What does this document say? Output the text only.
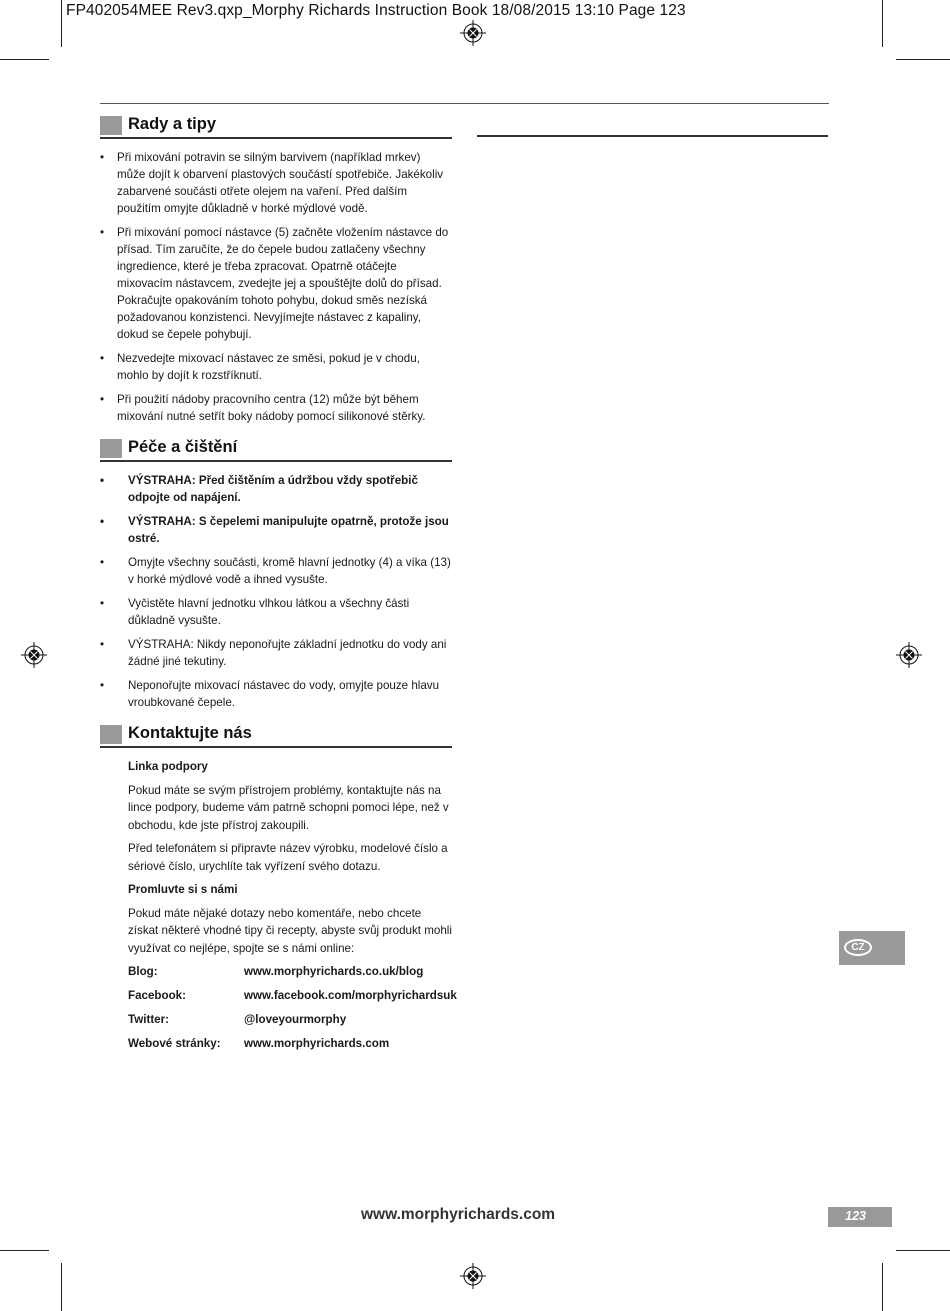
FP402054MEE Rev3.qxp_Morphy Richards Instruction Book 18/08/2015 13:10 Page 123
Rady a tipy
• Při mixování potravin se silným barvivem (například mrkev) může dojít k obarvení plastových součástí spotřebiče. Jakékoliv zabarvené součásti otřete olejem na vaření. Před dalším použitím omyjte důkladně v horké mýdlové vodě.
• Při mixování pomocí nástavce (5) začněte vložením nástavce do přísad. Tím zaručíte, že do čepele budou zatlačeny všechny ingredience, které je třeba zpracovat. Opatrně otáčejte mixovacím nástavcem, zvedejte jej a spouštějte dolů do přísad. Pokračujte opakováním tohoto pohybu, dokud směs nezíská požadovanou konzistenci. Nevyjímejte nástavec z kapaliny, dokud se čepele pohybují.
• Nezvedejte mixovací nástavec ze směsi, pokud je v chodu, mohlo by dojít k rozstříknutí.
• Při použití nádoby pracovního centra (12) může být během mixování nutné setřít boky nádoby pomocí silikonové stěrky.
Péče a čištění
• VÝSTRAHA: Před čištěním a údržbou vždy spotřebič odpojte od napájení.
• VÝSTRAHA: S čepelemi manipulujte opatrně, protože jsou ostré.
• Omyjte všechny součásti, kromě hlavní jednotky (4) a víka (13) v horké mýdlové vodě a ihned vysušte.
• Vyčistěte hlavní jednotku vlhkou látkou a všechny části důkladně vysušte.
• VÝSTRAHA: Nikdy neponořujte základní jednotku do vody ani žádné jiné tekutiny.
• Neponořujte mixovací nástavec do vody, omyjte pouze hlavu vroubkované čepele.
Kontaktujte nás

Linka podpory

Pokud máte se svým přístrojem problémy, kontaktujte nás na lince podpory, budeme vám patrně schopni pomoci lépe, než v obchodu, kde jste přístroj zakoupili.

Před telefonátem si připravte název výrobku, modelové číslo a sériové číslo, urychlíte tak vyřízení svého dotazu.

Promluvte si s námi

Pokud máte nějaké dotazy nebo komentáře, nebo chcete získat některé vhodné tipy či recepty, abyste svůj produkt mohli využívat co nejlépe, spojte se s námi online:

Blog:	www.morphyrichards.co.uk/blog
Facebook:	www.facebook.com/morphyrichardsuk
Twitter:	@loveyourmorphy
Webové stránky:	www.morphyrichards.com
CZ
www.morphyrichards.com	123
